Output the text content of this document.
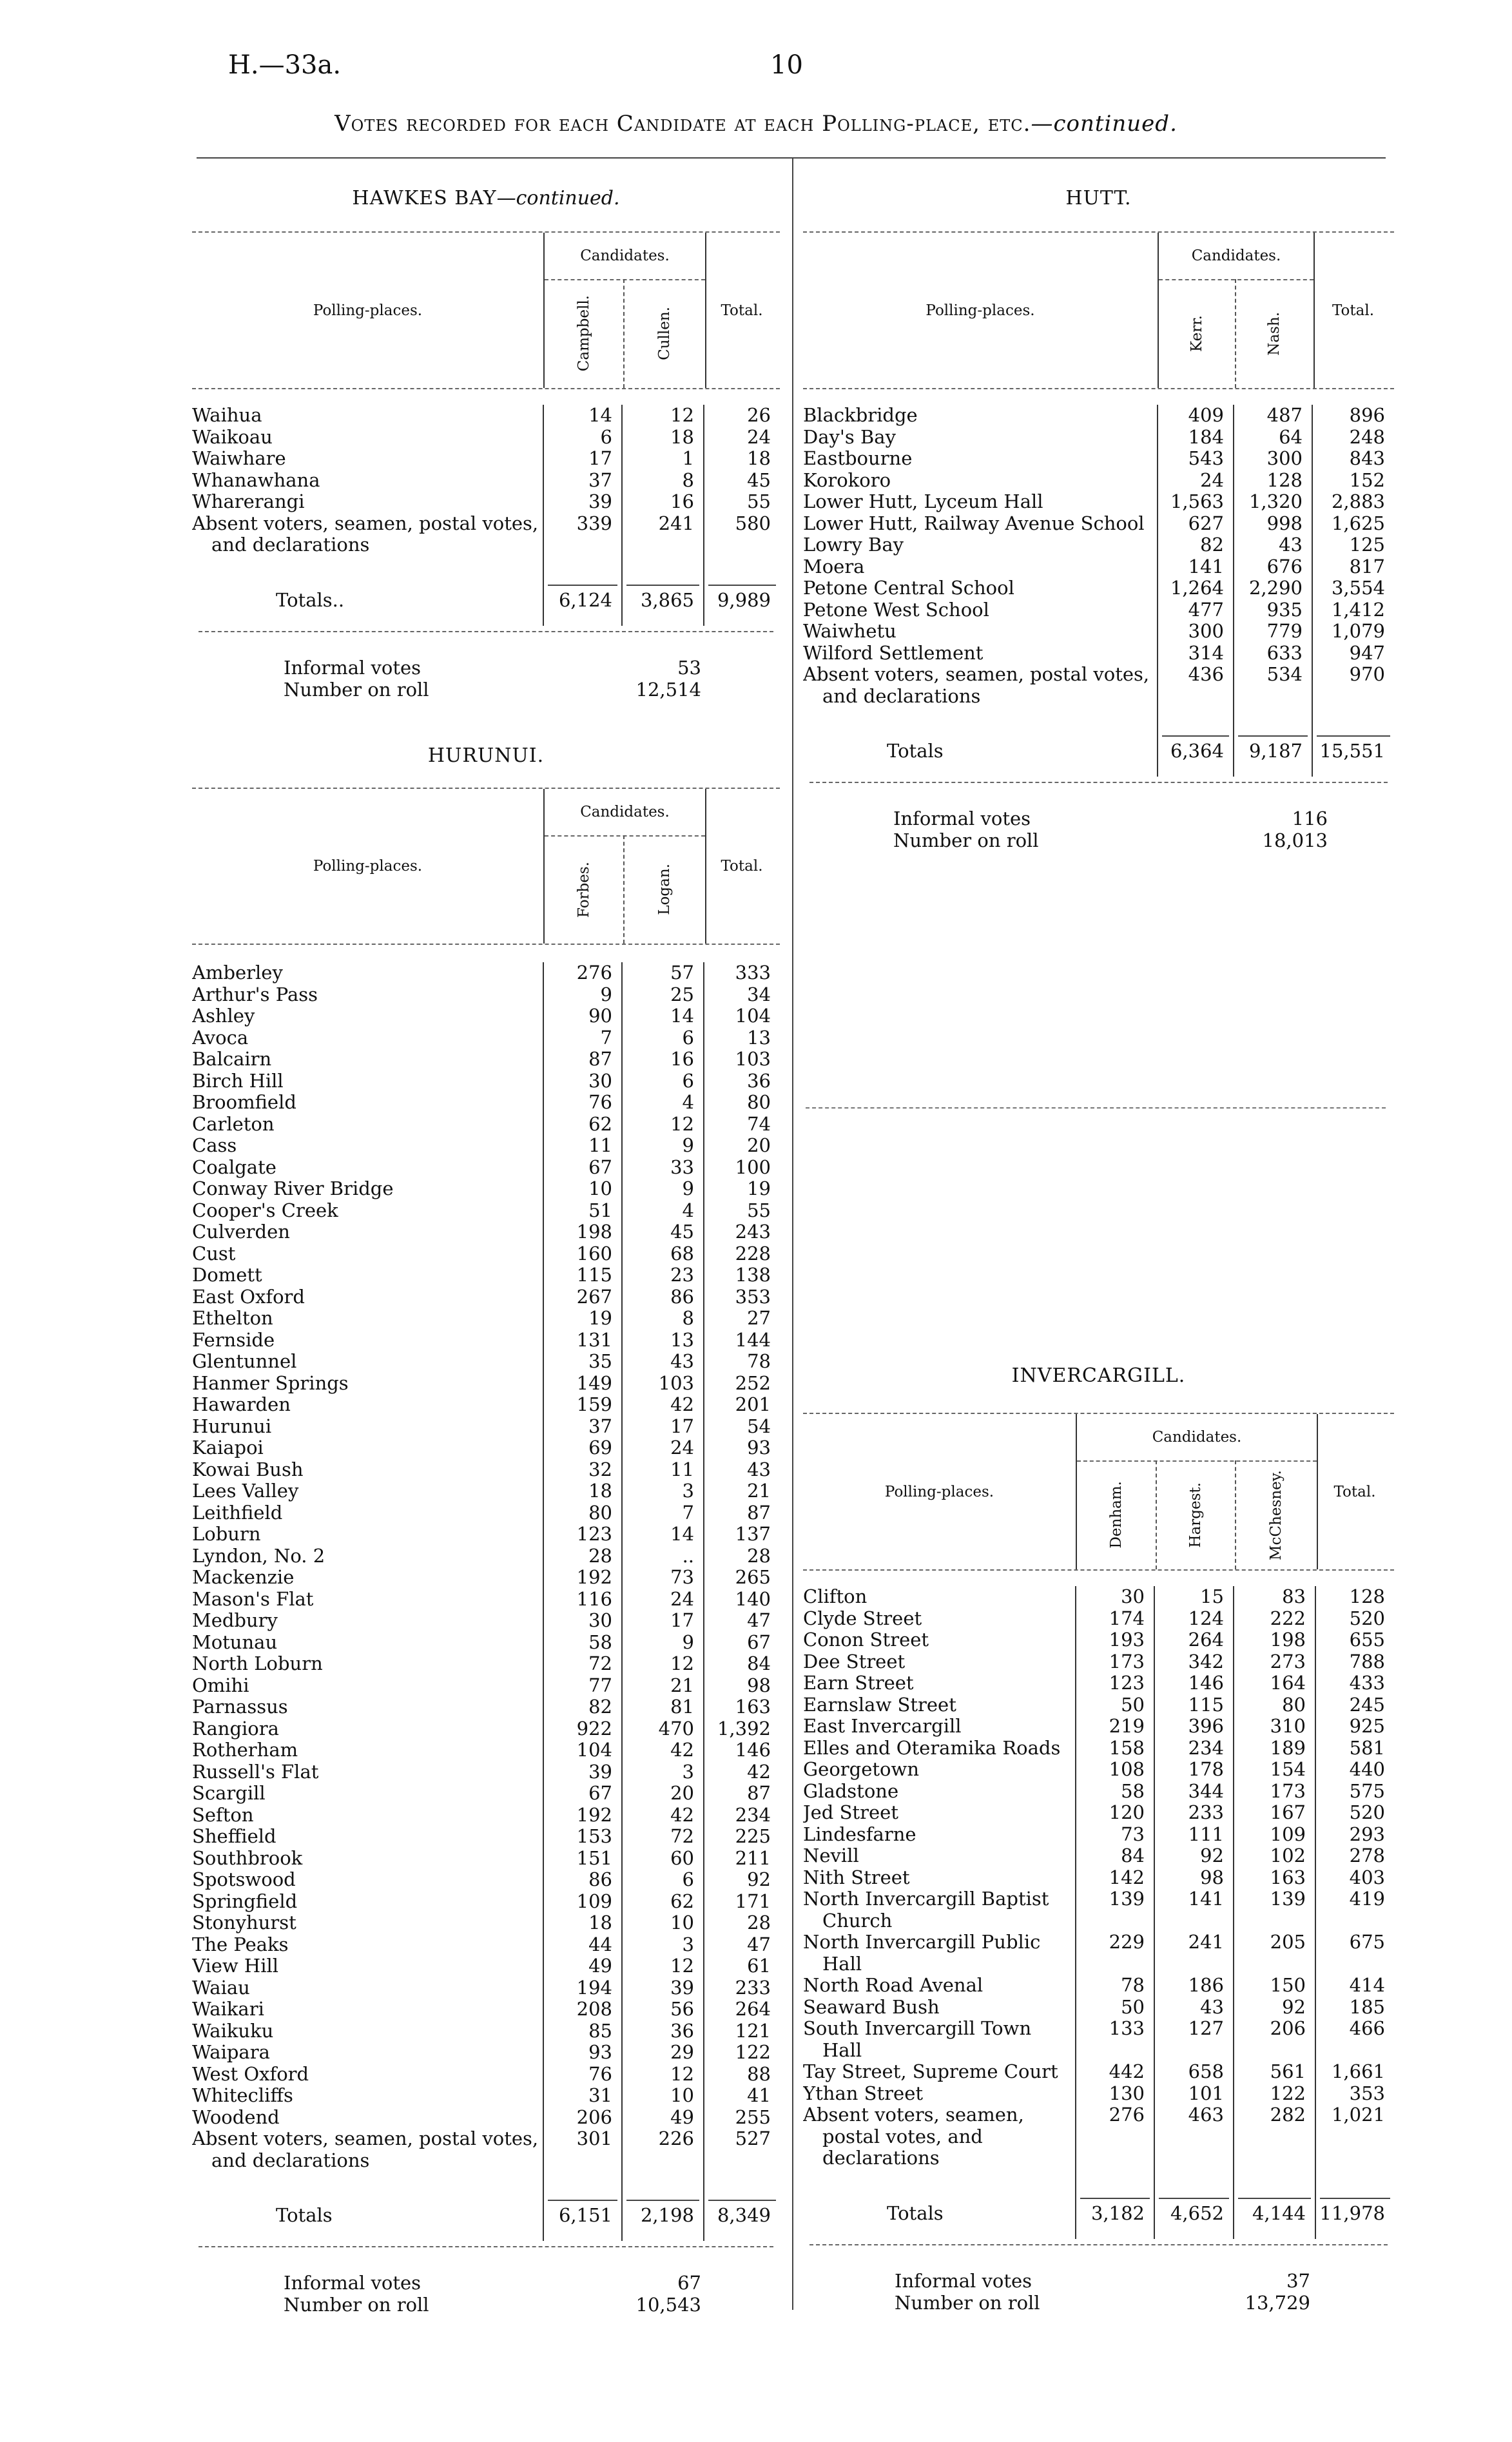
H.—33a.	10
Votes recorded for each Candidate at each Polling-place, etc.—continued.
HAWKES BAY—continued.
Polling-places.
Candidates.
Campbell.	Cullen.	Total.
Waihua	14	12	26
Waikoau	6	18	24
Waiwhare	17	1	18
Whanawhana	37	8	45
Wharerangi	39	16	55
Absent voters, seamen, postal votes, and declarations	339	241	580

Totals..	6,124	3,865	9,989
Informal votes	53
Number on roll	12,514
HUTT.
Polling-places.
Candidates.
Kerr.	Nash.
Total.
Blackbridge	409	487	896
Day's Bay	184	64	248
Eastbourne	543	300	843
Korokoro	24	128	152
Lower Hutt, Lyceum Hall	1,563	1,320	2,883
Lower Hutt, Railway Avenue School	627	998	1,625
Lowry Bay	82	43	125
Moera	141	676	817
Petone Central School	1,264	2,290	3,554
Petone West School	477	935	1,412
Waiwhetu	300	779	1,079
Wilford Settlement	314	633	947
Absent voters, seamen, postal votes, and declarations	436	534	970

Totals	6,364	9,187	15,551
Informal votes	116
Number on roll	18,013
HURUNUI.
Polling-places.
Candidates.
Forbes.	Logan.	Total.
Amberley	276	57	333
Arthur's Pass	9	25	34
Ashley	90	14	104
Avoca	7	6	13
Balcairn	87	16	103
Birch Hill	30	6	36
Broomfield	76	4	80
Carleton	62	12	74
Cass	11	9	20
Coalgate	67	33	100
Conway River Bridge	10	9	19
Cooper's Creek	51	4	55
Culverden	198	45	243
Cust	160	68	228
Domett	115	23	138
East Oxford	267	86	353
Ethelton	19	8	27
Fernside	131	13	144
Glentunnel	35	43	78
Hanmer Springs	149	103	252
Hawarden	159	42	201
Hurunui	37	17	54
Kaiapoi	69	24	93
Kowai Bush	32	11	43
Lees Valley	18	3	21
Leithfield	80	7	87
Loburn	123	14	137
Lyndon, No. 2	28	..	28
Mackenzie	192	73	265
Mason's Flat	116	24	140
Medbury	30	17	47
Motunau	58	9	67
North Loburn	72	12	84
Omihi	77	21	98
Parnassus	82	81	163
Rangiora	922	470	1,392
Rotherham	104	42	146
Russell's Flat	39	3	42
Scargill	67	20	87
Sefton	192	42	234
Sheffield	153	72	225
Southbrook	151	60	211
Spotswood	86	6	92
Springfield	109	62	171
Stonyhurst	18	10	28
The Peaks	44	3	47
View Hill	49	12	61
Waiau	194	39	233
Waikari	208	56	264
Waikuku	85	36	121
Waipara	93	29	122
West Oxford	76	12	88
Whitecliffs	31	10	41
Woodend	206	49	255
Absent voters, seamen, postal votes, and declarations	301	226	527

Totals	6,151	2,198	8,349
Informal votes	67
Number on roll	10,543
INVERCARGILL.
Polling-places.
Candidates.
Denham.	Hargest.	McChesney.	Total.
Clifton	30	15	83	128
Clyde Street	174	124	222	520
Conon Street	193	264	198	655
Dee Street	173	342	273	788
Earn Street	123	146	164	433
Earnslaw Street	50	115	80	245
East Invercargill	219	396	310	925
Elles and Oteramika Roads	158	234	189	581
Georgetown	108	178	154	440
Gladstone	58	344	173	575
Jed Street	120	233	167	520
Lindesfarne	73	111	109	293
Nevill	84	92	102	278
Nith Street	142	98	163	403
North Invercargill Baptist Church	139	141	139	419
North Invercargill Public Hall	229	241	205	675
North Road Avenal	78	186	150	414
Seaward Bush	50	43	92	185
South Invercargill Town Hall	133	127	206	466
Tay Street, Supreme Court	442	658	561	1,661
Ythan Street	130	101	122	353
Absent voters, seamen, postal votes, and declarations	276	463	282	1,021

Totals	3,182	4,652	4,144	11,978
Informal votes	37
Number on roll	13,729
